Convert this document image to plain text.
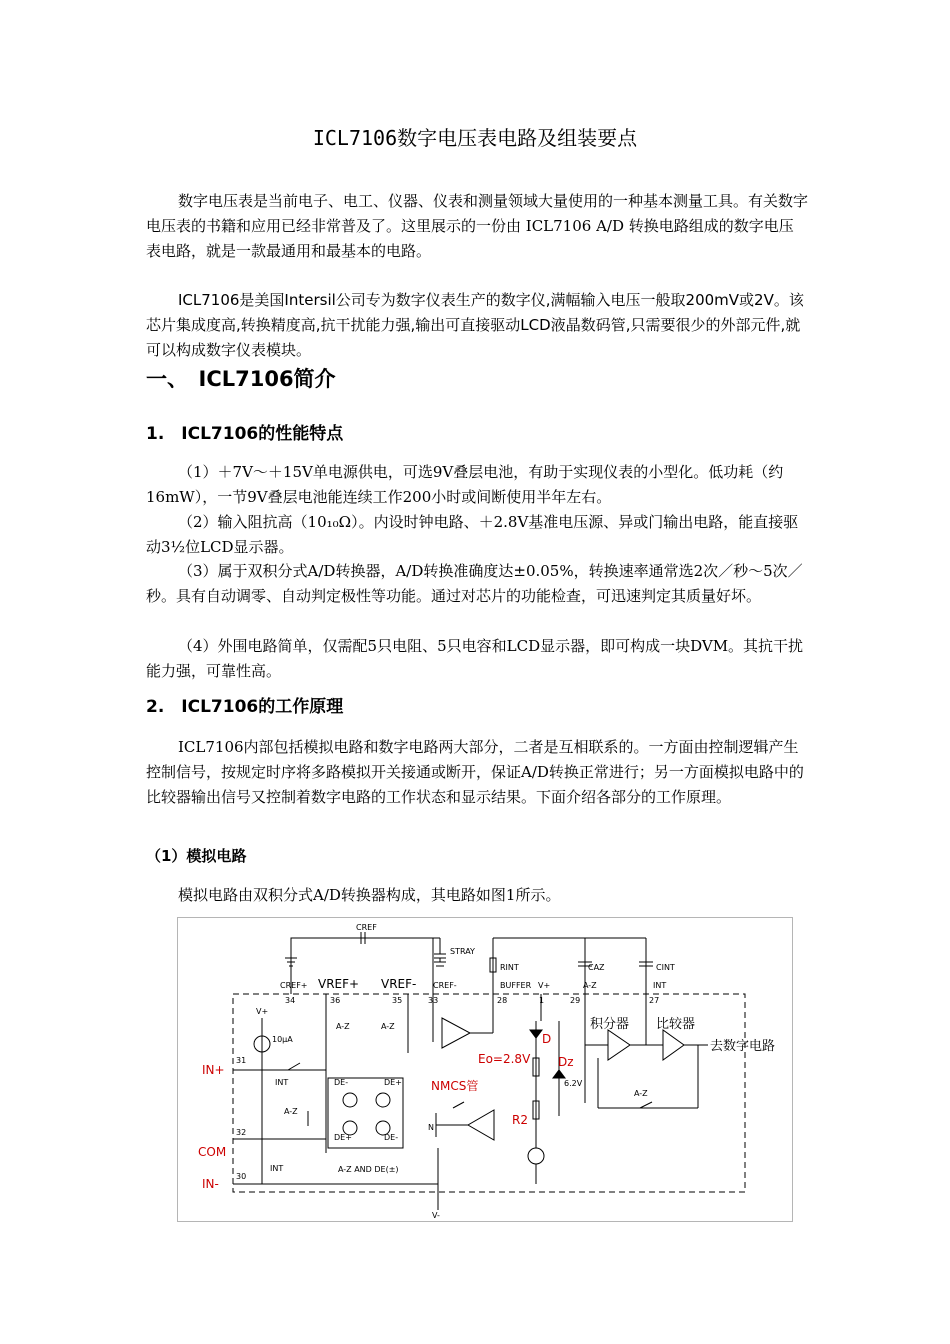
ICL7106数字电压表电路及组装要点

数字电压表是当前电子、电工、仪器、仪表和测量领域大量使用的一种基本测量工具。有关数字电压表的书籍和应用已经非常普及了。这里展示的一份由 ICL7106 A/D 转换电路组成的数字电压表电路，就是一款最通用和最基本的电路。

ICL7106是美国Intersil公司专为数字仪表生产的数字仪,满幅输入电压一般取200mV或2V。该芯片集成度高,转换精度高,抗干扰能力强,输出可直接驱动LCD液晶数码管,只需要很少的外部元件,就可以构成数字仪表模块。

一、　ICL7106简介
1.　ICL7106的性能特点

（1）＋7V～＋15V单电源供电，可选9V叠层电池，有助于实现仪表的小型化。低功耗（约16mW），一节9V叠层电池能连续工作200小时或间断使用半年左右。

（2）输入阻抗高（10₁₀Ω）。内设时钟电路、＋2.8V基准电压源、异或门输出电路，能直接驱动3½位LCD显示器。

（3）属于双积分式A/D转换器，A/D转换准确度达±0.05%，转换速率通常选2次／秒～5次／秒。具有自动调零、自动判定极性等功能。通过对芯片的功能检查，可迅速判定其质量好坏。

（4）外围电路简单，仅需配5只电阻、5只电容和LCD显示器，即可构成一块DVM。其抗干扰能力强，可靠性高。

2.　ICL7106的工作原理

ICL7106内部包括模拟电路和数字电路两大部分，二者是互相联系的。一方面由控制逻辑产生控制信号，按规定时序将多路模拟开关接通或断开，保证A/D转换正常进行；另一方面模拟电路中的比较器输出信号又控制着数字电路的工作状态和显示结果。下面介绍各部分的工作原理。

（1）模拟电路

模拟电路由双积分式A/D转换器构成，其电路如图1所示。

CREF
STRAY
CREF+	CREF-
RINT
BUFFER V+
CAZ	CINT
A-Z	INT
34	36	35	33	28	1	29	27
31
32
30
V+
10μA
A-Z	A-Z
INT
A-Z
INT
DE-	DE+
DE+	DE-
6.2V
N
A-Z
A-Z AND DE(±)
V-
VREF+ VREF-
IN+
COM
IN-
Eo=2.8V
D
Dz
NMCS管
R2
积分器 比较器
去数字电路
